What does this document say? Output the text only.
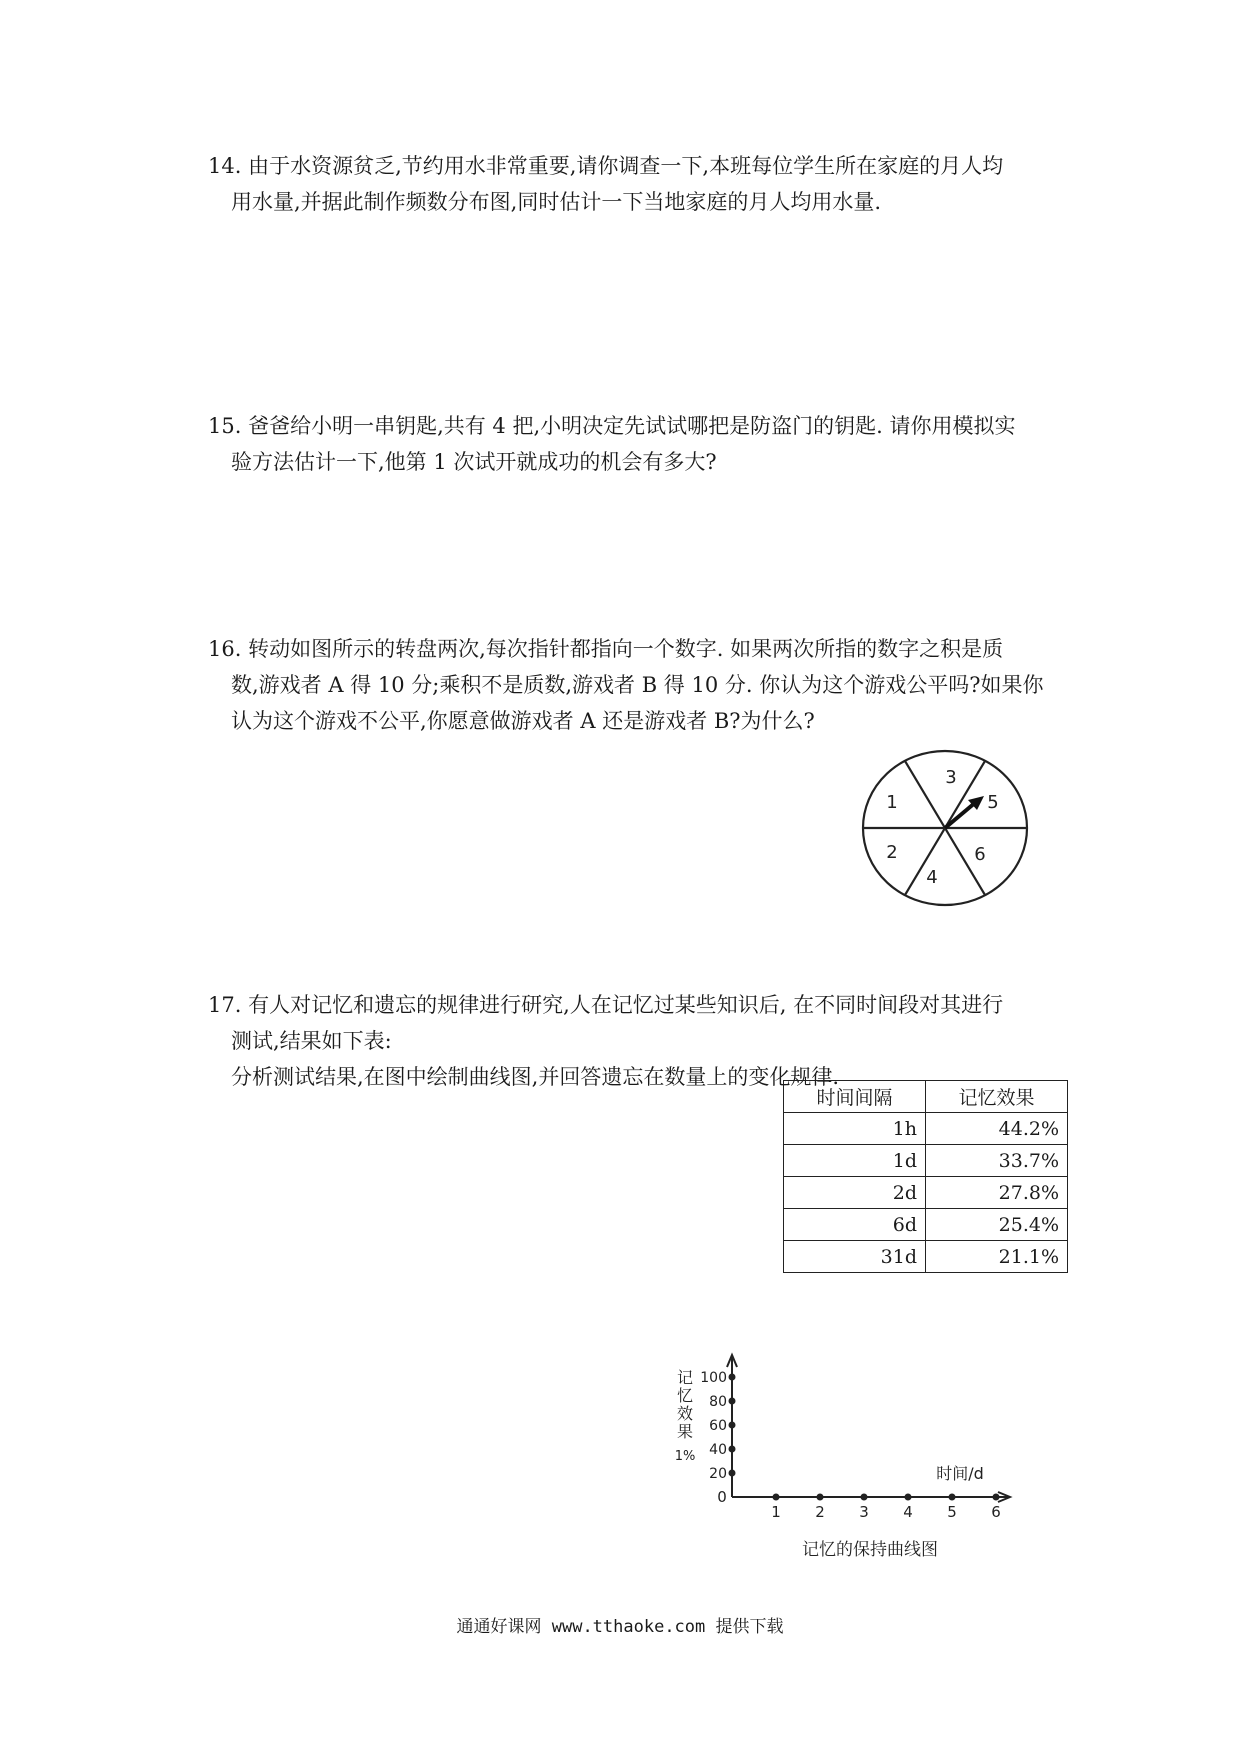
14. 由于水资源贫乏,节约用水非常重要,请你调查一下,本班每位学生所在家庭的月人均

用水量,并据此制作频数分布图,同时估计一下当地家庭的月人均用水量.

15. 爸爸给小明一串钥匙,共有 4 把,小明决定先试试哪把是防盗门的钥匙. 请你用模拟实

验方法估计一下,他第 1 次试开就成功的机会有多大?

16. 转动如图所示的转盘两次,每次指针都指向一个数字. 如果两次所指的数字之积是质

数,游戏者 A 得 10 分;乘积不是质数,游戏者 B 得 10 分. 你认为这个游戏公平吗?如果你

认为这个游戏不公平,你愿意做游戏者 A 还是游戏者 B?为什么?

1
2
3
4
5
6

17. 有人对记忆和遗忘的规律进行研究,人在记忆过某些知识后, 在不同时间段对其进行

测试,结果如下表:

分析测试结果,在图中绘制曲线图,并回答遗忘在数量上的变化规律.

时间间隔	记忆效果
1h	44.2%
1d	33.7%
2d	27.8%
6d	25.4%
31d	21.1%
0
1 2 3 4 5 6
20
40
60
80
100
时间/d
记
忆
效
果
1%
记忆的保持曲线图
通通好课网 www.tthaoke.com 提供下载
